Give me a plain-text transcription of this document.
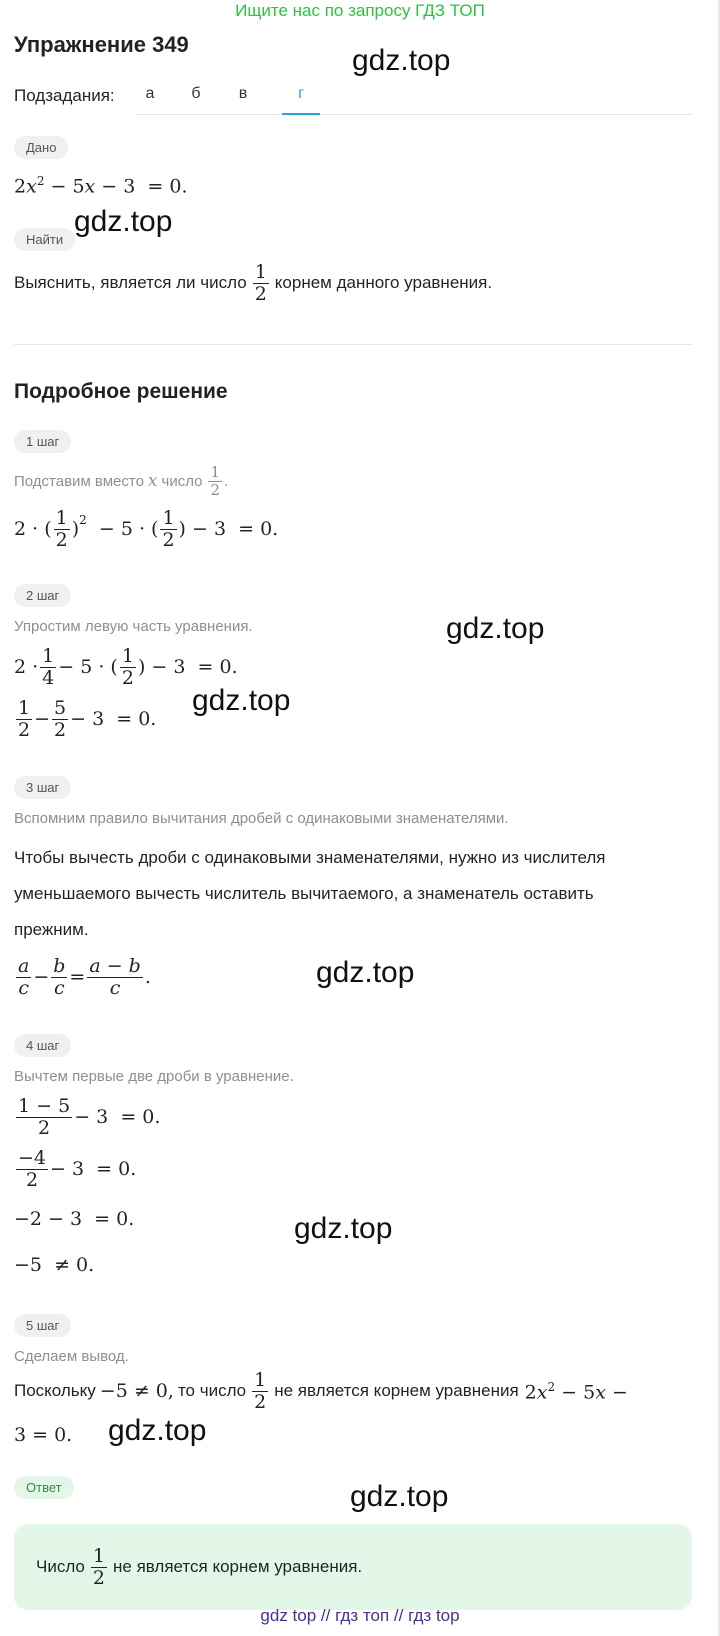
Ищите нас по запросу ГДЗ ТОП
Упражнение 349	gdz.top
Подзадания:	а	б	в	г
Дано
$2x^2 - 5x - 3 = 0$.
gdz.top
Найти
Выяснить, является ли число $\frac{1}{2}$ корнем данного уравнения.
Подробное решение
1 шаг
Подставим вместо x число $\frac{1}{2}$ .
2 · ( $\frac{1}{2}$ ) 2 − 5 · ( $\frac{1}{2}$ ) − 3  = 0.
2 шаг
Упростим левую часть уравнения.	gdz.top
$2 \cdot \frac{1}{4} - 5$ · ( $\frac{1}{2}$ ) − 3  = 0.
$\frac{1}{2} - \frac{5}{2} - 3 = 0$.
gdz.top
3 шаг
Вспомним правило вычитания дробей с одинаковыми знаменателями.
Чтобы вычесть дроби с одинаковыми знаменателями, нужно из числителя
уменьшаемого вычесть числитель вычитаемого, а знаменатель оставить
прежним.
$\frac{a}{c} - \frac{b}{c} = \frac{a - b}{c}$ .	gdz.top
4 шаг
Вычтем первые две дроби в уравнение.
$\frac{1 - 5}{2} - 3 = 0$.
$\frac{-4}{2} - 3 = 0$.
−2 − 3  = 0.
−5  ≠ 0.
gdz.top
5 шаг
Сделаем вывод.
Поскольку −5 ≠ 0, то число $\frac{1}{2}$ не является корнем уравнения $2x^2 - 5x$ −
3 = 0. gdz.top
Ответ	gdz.top
Число $\frac{1}{2}$ не является корнем уравнения.
gdz top // гдз топ // гдз top
